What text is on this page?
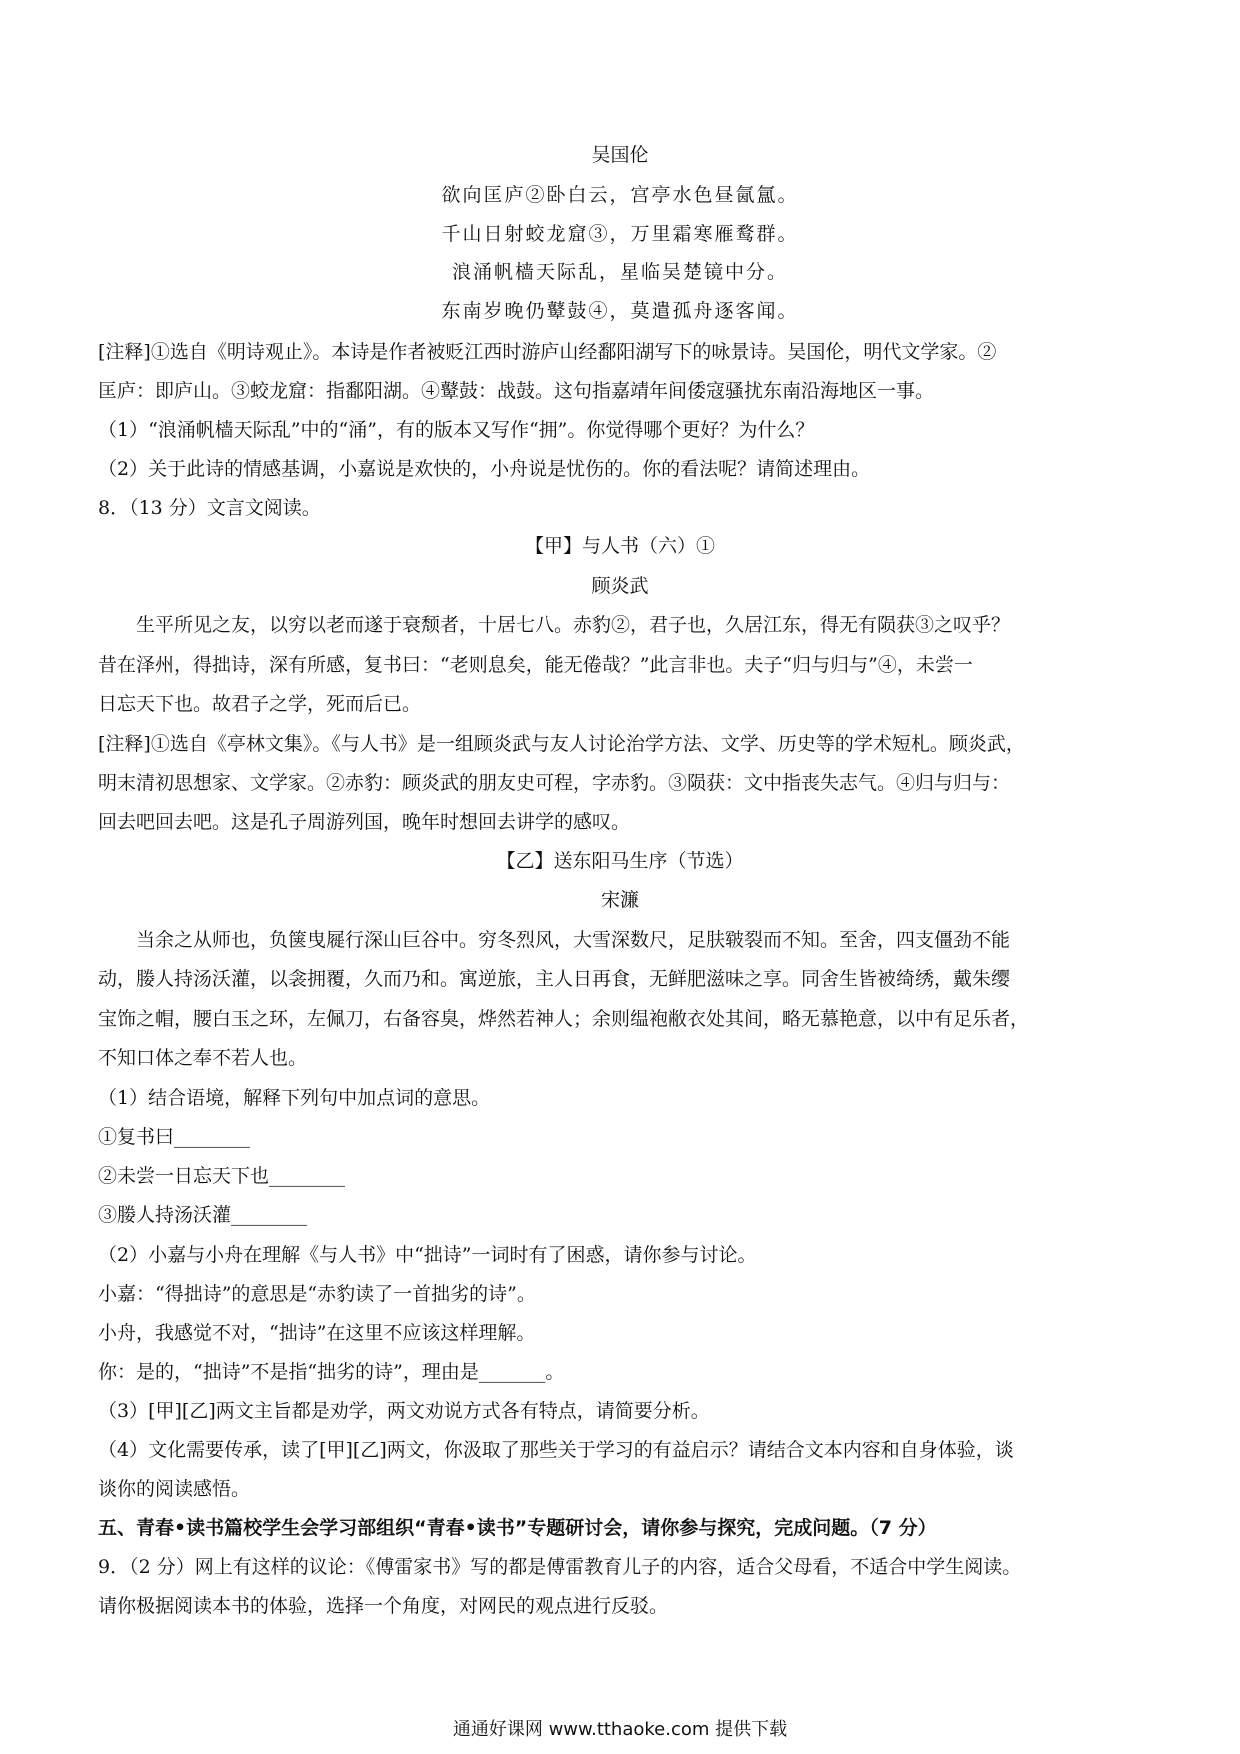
吴国伦
欲向匡庐②卧白云，宫亭水色昼氤氲。
千山日射蛟龙窟③，万里霜寒雁鹜群。
浪涌帆樯天际乱，星临吴楚镜中分。
东南岁晚仍鼙鼓④，莫遣孤舟逐客闻。
[注释]①选自《明诗观止》。本诗是作者被贬江西时游庐山经鄱阳湖写下的咏景诗。吴国伦，明代文学家。②
匡庐：即庐山。③蛟龙窟：指鄱阳湖。④鼙鼓：战鼓。这句指嘉靖年间倭寇骚扰东南沿海地区一事。
（1）“浪涌帆樯天际乱”中的“涌”，有的版本又写作“拥”。你觉得哪个更好？为什么？
（2）关于此诗的情感基调，小嘉说是欢快的，小舟说是忧伤的。你的看法呢？请简述理由。
8．（13 分）文言文阅读。
【甲】与人书（六）①
顾炎武
生平所见之友，以穷以老而遂于衰颓者，十居七八。赤豹②，君子也，久居江东，得无有陨获③之叹乎？
昔在泽州，得拙诗，深有所感，复书曰：“老则息矣，能无倦哉？”此言非也。夫子“归与归与”④，未尝一
日忘天下也。故君子之学，死而后已。
[注释]①选自《亭林文集》。《与人书》是一组顾炎武与友人讨论治学方法、文学、历史等的学术短札。顾炎武，
明末清初思想家、文学家。②赤豹：顾炎武的朋友史可程，字赤豹。③陨获：文中指丧失志气。④归与归与：
回去吧回去吧。这是孔子周游列国，晚年时想回去讲学的感叹。
【乙】送东阳马生序（节选）
宋濂
当余之从师也，负箧曳屣行深山巨谷中。穷冬烈风，大雪深数尺，足肤皲裂而不知。至舍，四支僵劲不能
动，媵人持汤沃灌，以衾拥覆，久而乃和。寓逆旅，主人日再食，无鲜肥滋味之享。同舍生皆被绮绣，戴朱缨
宝饰之帽，腰白玉之环，左佩刀，右备容臭，烨然若神人；余则缊袍敝衣处其间，略无慕艳意，以中有足乐者，
不知口体之奉不若人也。
（1）结合语境，解释下列句中加点词的意思。
①复书曰________
②未尝一日忘天下也________
③媵人持汤沃灌________
（2）小嘉与小舟在理解《与人书》中“拙诗”一词时有了困惑，请你参与讨论。
小嘉：“得拙诗”的意思是“赤豹读了一首拙劣的诗”。
小舟，我感觉不对，“拙诗”在这里不应该这样理解。
你：是的，“拙诗”不是指“拙劣的诗”，理由是_______。
（3）[甲][乙]两文主旨都是劝学，两文劝说方式各有特点，请简要分析。
（4）文化需要传承，读了[甲][乙]两文，你汲取了那些关于学习的有益启示？请结合文本内容和自身体验，谈
谈你的阅读感悟。
五、青春•读书篇校学生会学习部组织“青春•读书”专题研讨会，请你参与探究，完成问题。（7 分）
9．（2 分）网上有这样的议论：《傅雷家书》写的都是傅雷教育儿子的内容，适合父母看，不适合中学生阅读。
请你极据阅读本书的体验，选择一个角度，对网民的观点进行反驳。
通通好课网 www.tthaoke.com 提供下载
